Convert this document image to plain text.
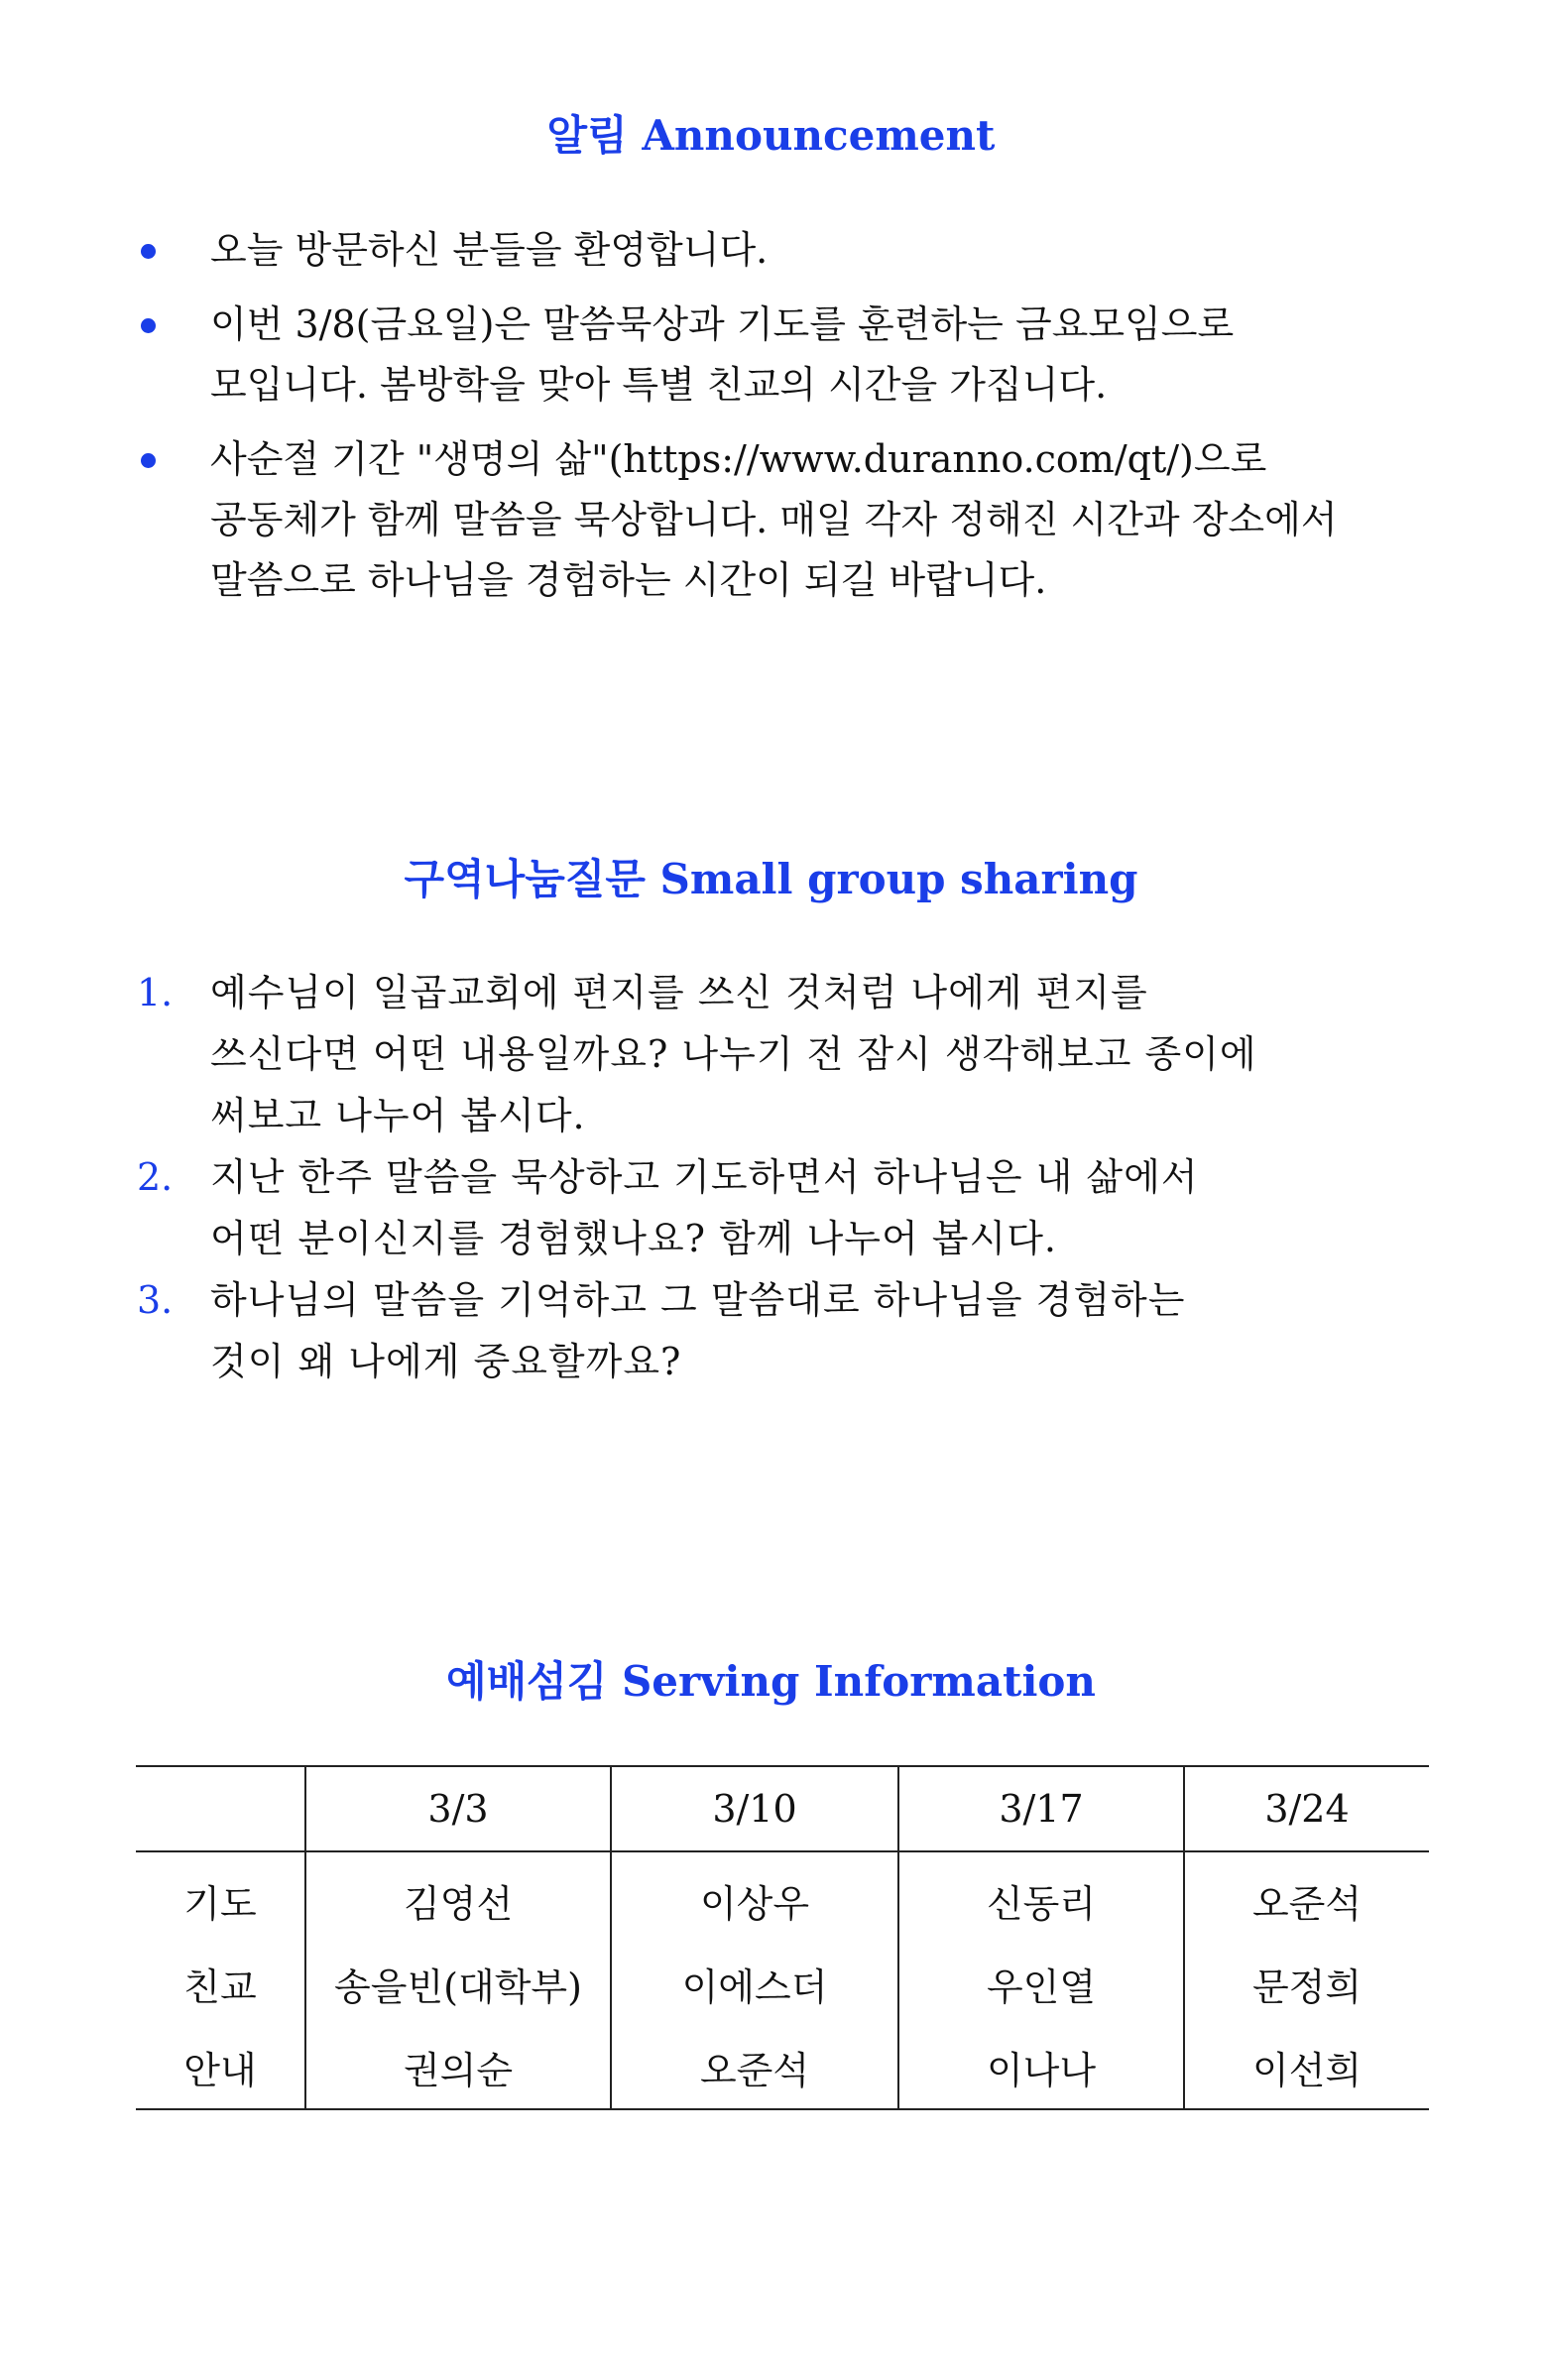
알림 Announcement
오늘 방문하신 분들을 환영합니다.
이번 3/8(금요일)은 말씀묵상과 기도를 훈련하는 금요모임으로
모입니다. 봄방학을 맞아 특별 친교의 시간을 가집니다.
사순절 기간 "생명의 삶"(https://www.duranno.com/qt/)으로
공동체가 함께 말씀을 묵상합니다. 매일 각자 정해진 시간과 장소에서
말씀으로 하나님을 경험하는 시간이 되길 바랍니다.
구역나눔질문 Small group sharing
1. 예수님이 일곱교회에 편지를 쓰신 것처럼 나에게 편지를
쓰신다면 어떤 내용일까요? 나누기 전 잠시 생각해보고 종이에
써보고 나누어 봅시다.
2. 지난 한주 말씀을 묵상하고 기도하면서 하나님은 내 삶에서
어떤 분이신지를 경험했나요? 함께 나누어 봅시다.
3. 하나님의 말씀을 기억하고 그 말씀대로 하나님을 경험하는
것이 왜 나에게 중요할까요?
예배섬김 Serving Information
	3/3	3/10	3/17	3/24
기도	김영선	이상우	신동리	오준석
친교	송을빈(대학부)	이에스더	우인열	문정희
안내	권의순	오준석	이나나	이선희
